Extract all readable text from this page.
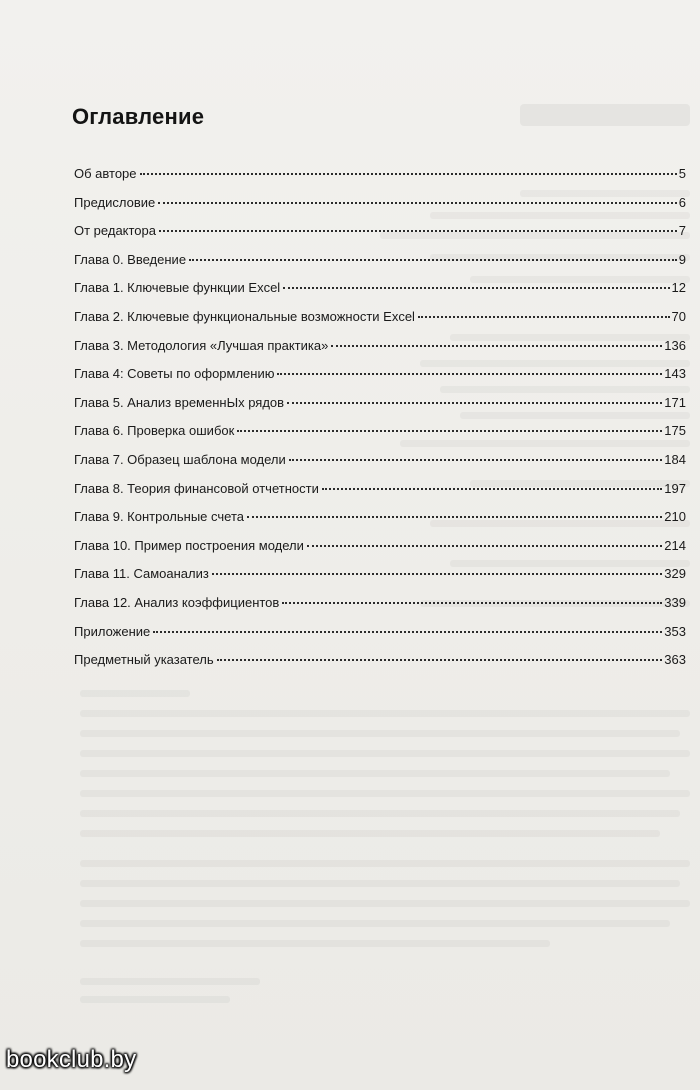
Оглавление
Об авторе	5
Предисловие	6
От редактора	7
Глава 0. Введение	9
Глава 1. Ключевые функции Excel	12
Глава 2. Ключевые функциональные возможности Excel	70
Глава 3. Методология «Лучшая практика»	136
Глава 4: Советы по оформлению	143
Глава 5. Анализ временнЫх рядов	171
Глава 6. Проверка ошибок	175
Глава 7. Образец шаблона модели	184
Глава 8. Теория финансовой отчетности	197
Глава 9. Контрольные счета	210
Глава 10. Пример построения модели	214
Глава 11. Самоанализ	329
Глава 12. Анализ коэффициентов	339
Приложение	353
Предметный указатель	363
bookclub.by
